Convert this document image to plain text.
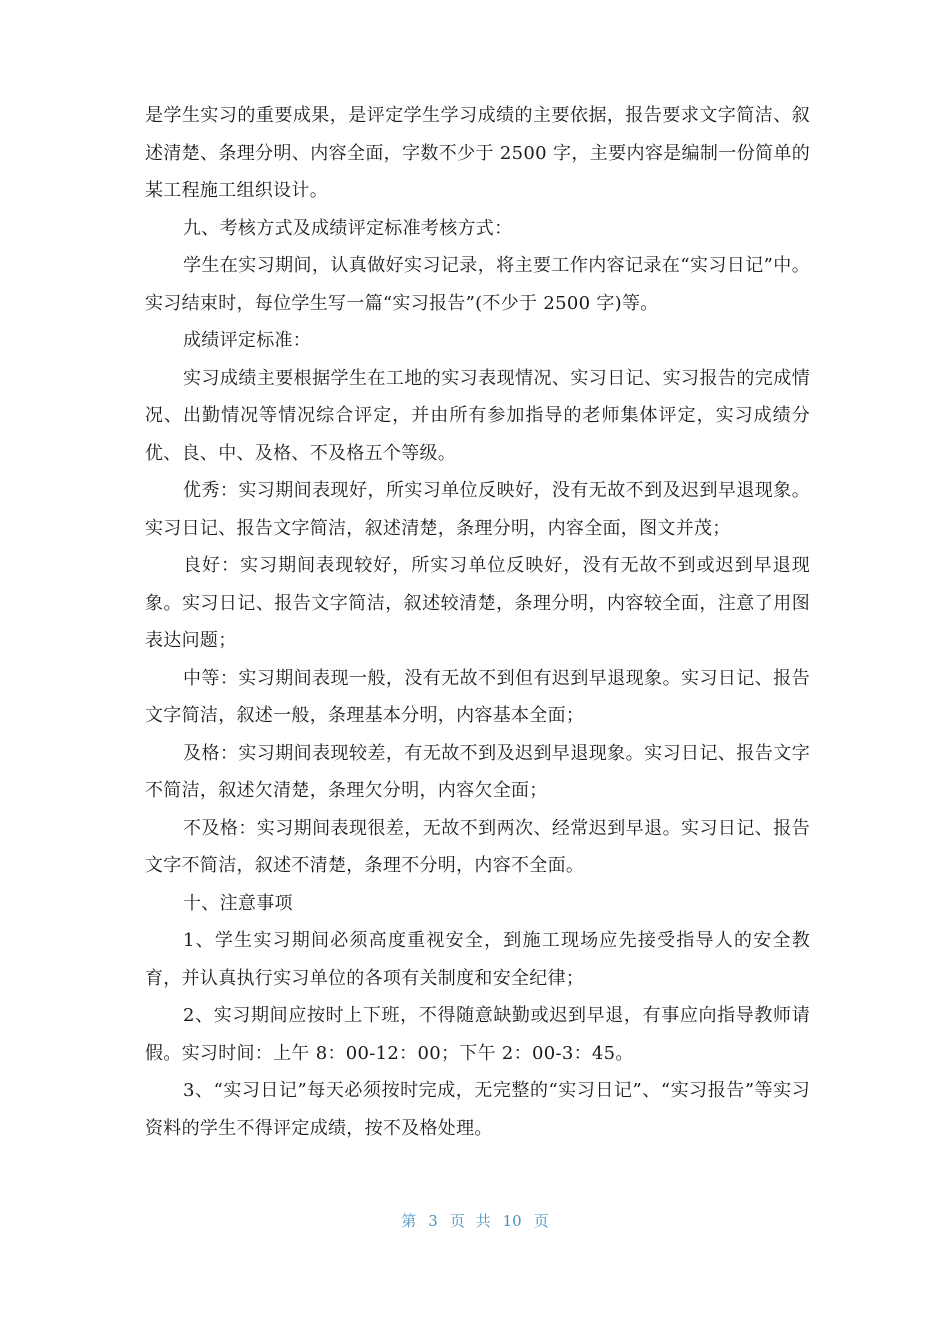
是学生实习的重要成果，是评定学生学习成绩的主要依据，报告要求文字简洁、叙述清楚、条理分明、内容全面，字数不少于 2500 字，主要内容是编制一份简单的某工程施工组织设计。

九、考核方式及成绩评定标准考核方式：

学生在实习期间，认真做好实习记录，将主要工作内容记录在“实习日记”中。实习结束时，每位学生写一篇“实习报告”(不少于 2500 字)等。

成绩评定标准：

实习成绩主要根据学生在工地的实习表现情况、实习日记、实习报告的完成情况、出勤情况等情况综合评定，并由所有参加指导的老师集体评定，实习成绩分优、良、中、及格、不及格五个等级。

优秀：实习期间表现好，所实习单位反映好，没有无故不到及迟到早退现象。实习日记、报告文字简洁，叙述清楚，条理分明，内容全面，图文并茂；

良好：实习期间表现较好，所实习单位反映好，没有无故不到或迟到早退现象。实习日记、报告文字简洁，叙述较清楚，条理分明，内容较全面，注意了用图表达问题；

中等：实习期间表现一般，没有无故不到但有迟到早退现象。实习日记、报告文字简洁，叙述一般，条理基本分明，内容基本全面；

及格：实习期间表现较差，有无故不到及迟到早退现象。实习日记、报告文字不简洁，叙述欠清楚，条理欠分明，内容欠全面；

不及格：实习期间表现很差，无故不到两次、经常迟到早退。实习日记、报告文字不简洁，叙述不清楚，条理不分明，内容不全面。

十、注意事项

1、学生实习期间必须高度重视安全，到施工现场应先接受指导人的安全教育，并认真执行实习单位的各项有关制度和安全纪律；

2、实习期间应按时上下班，不得随意缺勤或迟到早退，有事应向指导教师请假。实习时间：上午 8：00-12：00；下午 2：00-3：45。

3、“实习日记”每天必须按时完成，无完整的“实习日记”、“实习报告”等实习资料的学生不得评定成绩，按不及格处理。

第 3 页 共 10 页
